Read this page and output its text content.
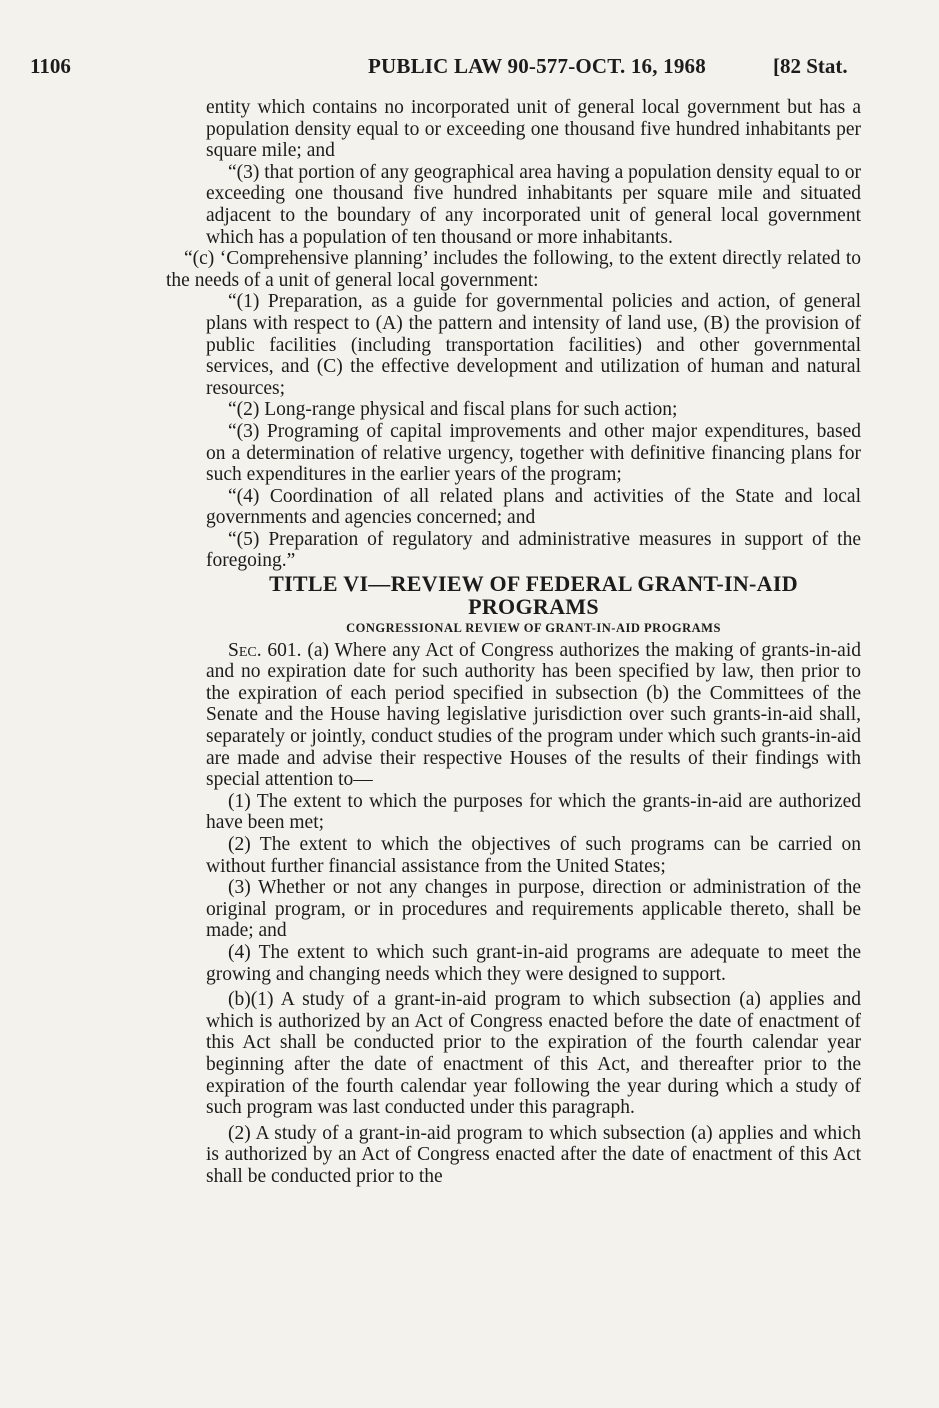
1106	PUBLIC LAW 90-577-OCT. 16, 1968	[82 Stat.

entity which contains no incorporated unit of general local government but has a population density equal to or exceeding one thousand five hundred inhabitants per square mile; and

“(3) that portion of any geographical area having a population density equal to or exceeding one thousand five hundred inhabitants per square mile and situated adjacent to the boundary of any incorporated unit of general local government which has a population of ten thousand or more inhabitants.

“(c) ‘Comprehensive planning’ includes the following, to the extent directly related to the needs of a unit of general local government:

“(1) Preparation, as a guide for governmental policies and action, of general plans with respect to (A) the pattern and intensity of land use, (B) the provision of public facilities (including transportation facilities) and other governmental services, and (C) the effective development and utilization of human and natural resources;

“(2) Long-range physical and fiscal plans for such action;

“(3) Programing of capital improvements and other major expenditures, based on a determination of relative urgency, together with definitive financing plans for such expenditures in the earlier years of the program;

“(4) Coordination of all related plans and activities of the State and local governments and agencies concerned; and

“(5) Preparation of regulatory and administrative measures in support of the foregoing.”

TITLE VI—REVIEW OF FEDERAL GRANT-IN-AID PROGRAMS

CONGRESSIONAL REVIEW OF GRANT-IN-AID PROGRAMS

Sec. 601. (a) Where any Act of Congress authorizes the making of grants-in-aid and no expiration date for such authority has been specified by law, then prior to the expiration of each period specified in subsection (b) the Committees of the Senate and the House having legislative jurisdiction over such grants-in-aid shall, separately or jointly, conduct studies of the program under which such grants-in-aid are made and advise their respective Houses of the results of their findings with special attention to—

(1) The extent to which the purposes for which the grants-in-aid are authorized have been met;

(2) The extent to which the objectives of such programs can be carried on without further financial assistance from the United States;

(3) Whether or not any changes in purpose, direction or administration of the original program, or in procedures and requirements applicable thereto, shall be made; and

(4) The extent to which such grant-in-aid programs are adequate to meet the growing and changing needs which they were designed to support.

(b)(1) A study of a grant-in-aid program to which subsection (a) applies and which is authorized by an Act of Congress enacted before the date of enactment of this Act shall be conducted prior to the expiration of the fourth calendar year beginning after the date of enactment of this Act, and thereafter prior to the expiration of the fourth calendar year following the year during which a study of such program was last conducted under this paragraph.

(2) A study of a grant-in-aid program to which subsection (a) applies and which is authorized by an Act of Congress enacted after the date of enactment of this Act shall be conducted prior to the
